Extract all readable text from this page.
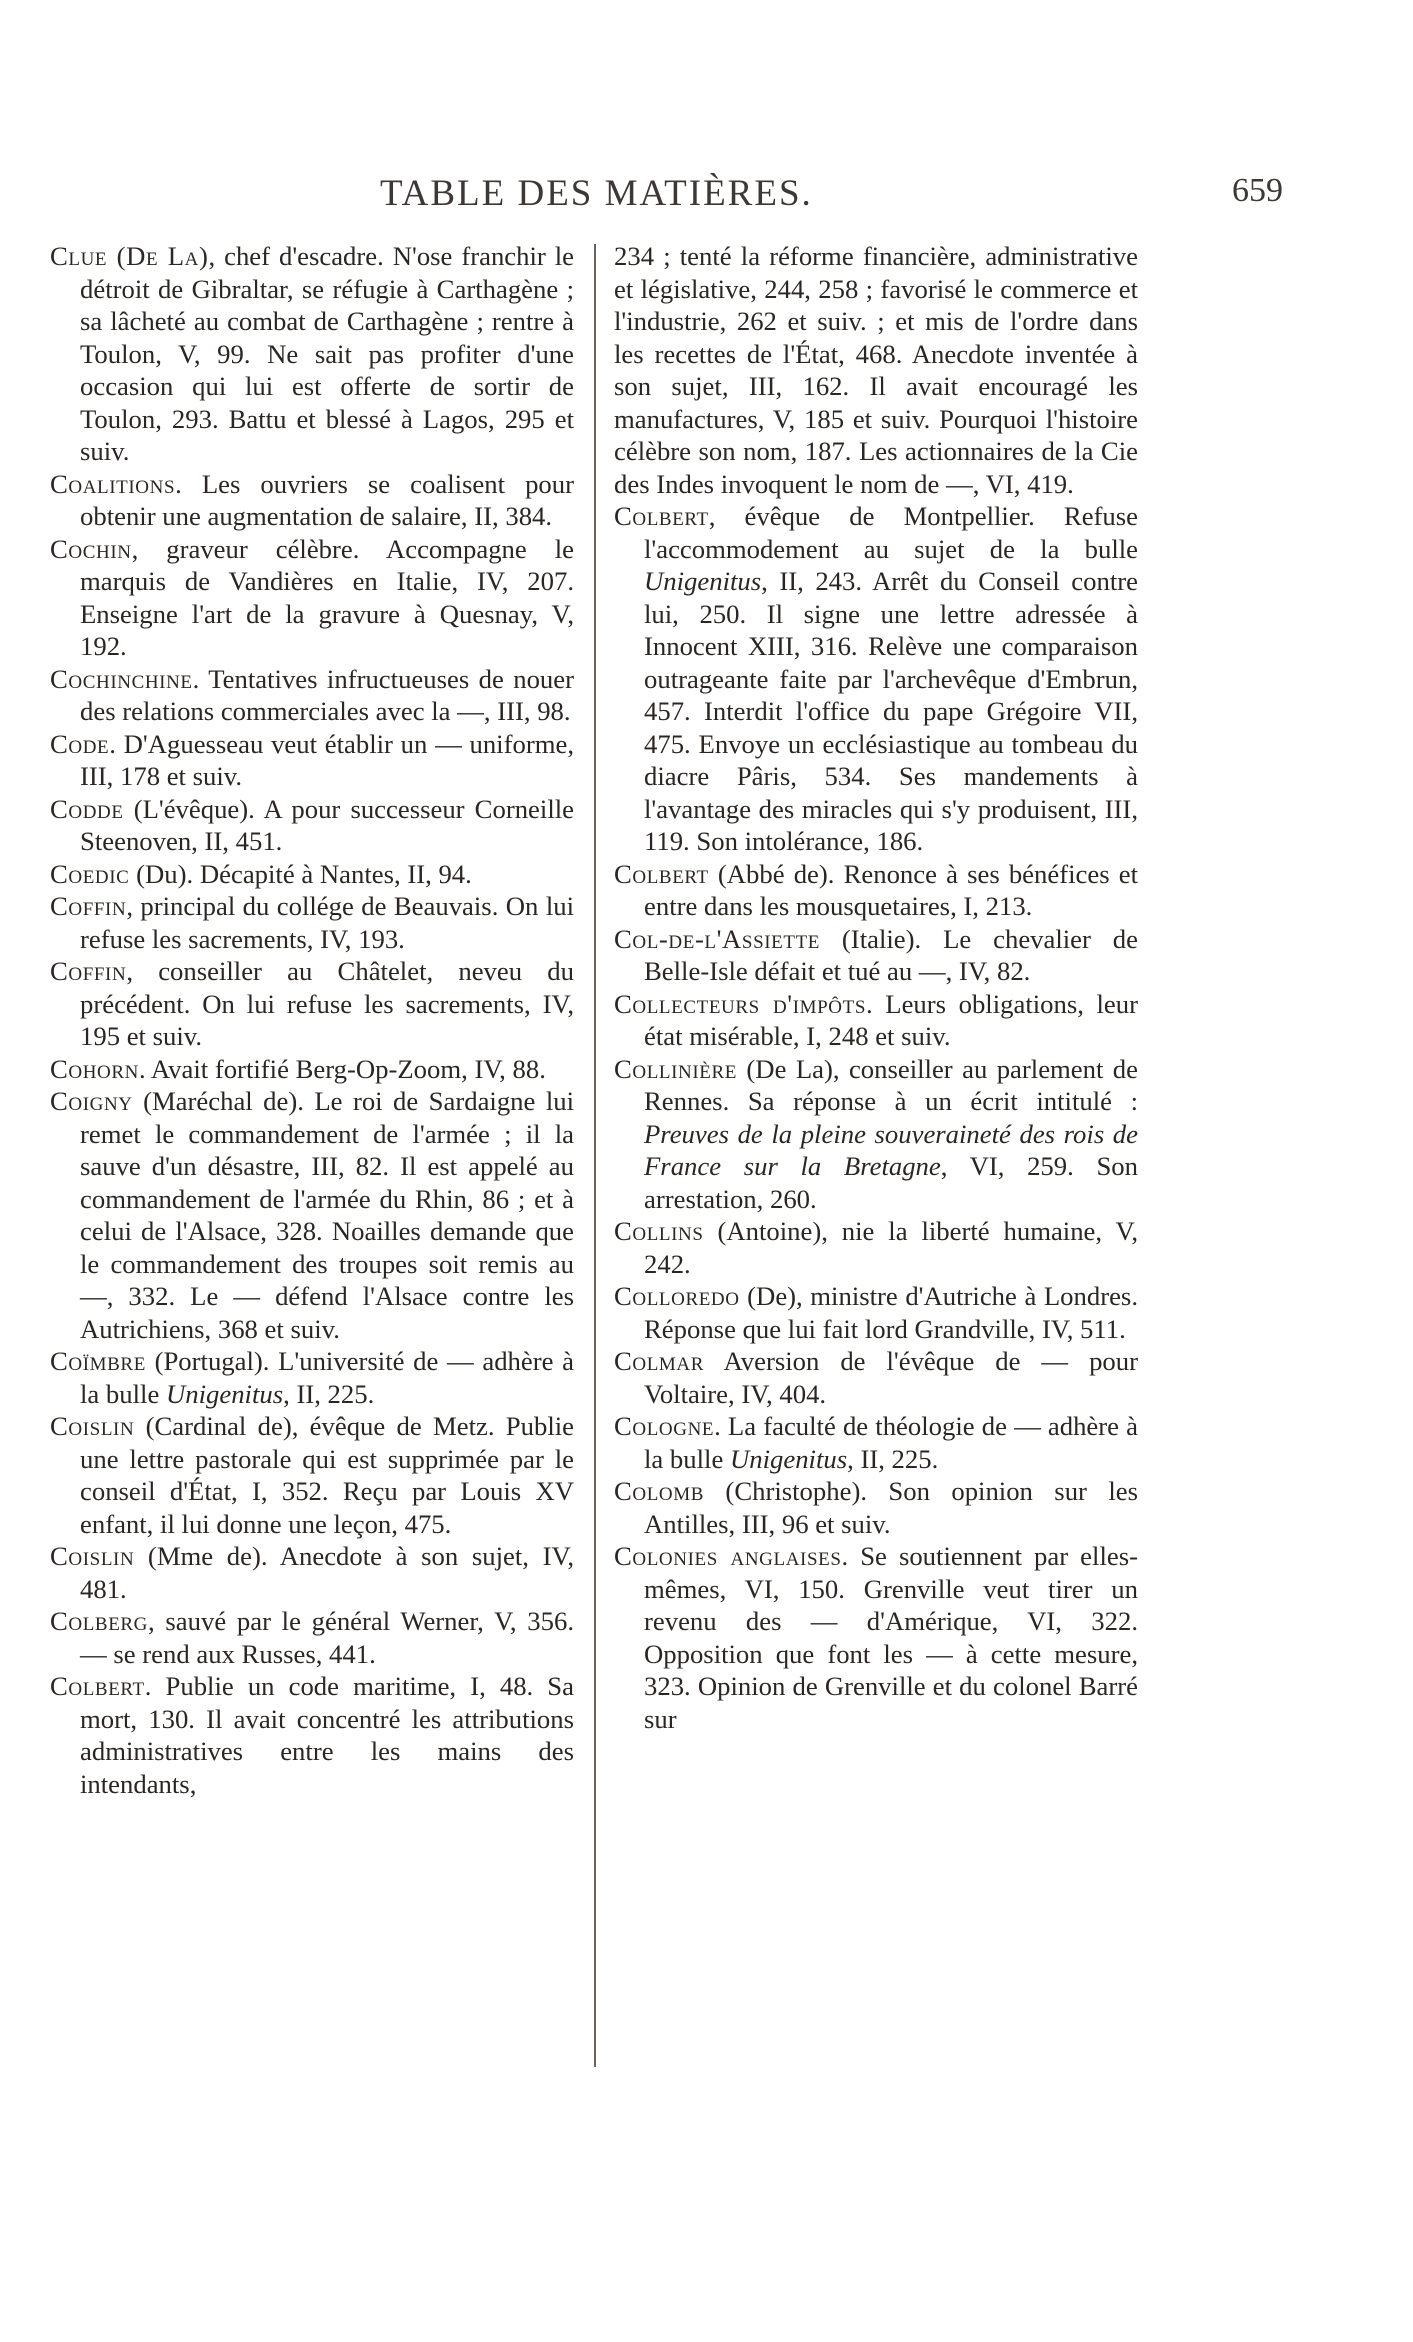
TABLE DES MATIÈRES.	659

Clue (De La), chef d'escadre. N'ose franchir le détroit de Gibraltar, se réfugie à Carthagène ; sa lâcheté au combat de Carthagène ; rentre à Toulon, V, 99. Ne sait pas profiter d'une occasion qui lui est offerte de sortir de Toulon, 293. Battu et blessé à Lagos, 295 et suiv.

Coalitions. Les ouvriers se coalisent pour obtenir une augmentation de salaire, II, 384.

Cochin, graveur célèbre. Accompagne le marquis de Vandières en Italie, IV, 207. Enseigne l'art de la gravure à Quesnay, V, 192.

Cochinchine. Tentatives infructueuses de nouer des relations commerciales avec la —, III, 98.

Code. D'Aguesseau veut établir un — uniforme, III, 178 et suiv.

Codde (L'évêque). A pour successeur Corneille Steenoven, II, 451.

Coedic (Du). Décapité à Nantes, II, 94.

Coffin, principal du collége de Beauvais. On lui refuse les sacrements, IV, 193.

Coffin, conseiller au Châtelet, neveu du précédent. On lui refuse les sacrements, IV, 195 et suiv.

Cohorn. Avait fortifié Berg-Op-Zoom, IV, 88.

Coigny (Maréchal de). Le roi de Sardaigne lui remet le commandement de l'armée ; il la sauve d'un désastre, III, 82. Il est appelé au commandement de l'armée du Rhin, 86 ; et à celui de l'Alsace, 328. Noailles demande que le commandement des troupes soit remis au —, 332. Le — défend l'Alsace contre les Autrichiens, 368 et suiv.

Coïmbre (Portugal). L'université de — adhère à la bulle Unigenitus, II, 225.

Coislin (Cardinal de), évêque de Metz. Publie une lettre pastorale qui est supprimée par le conseil d'État, I, 352. Reçu par Louis XV enfant, il lui donne une leçon, 475.

Coislin (Mme de). Anecdote à son sujet, IV, 481.

Colberg, sauvé par le général Werner, V, 356. — se rend aux Russes, 441.

Colbert. Publie un code maritime, I, 48. Sa mort, 130. Il avait concentré les attributions administratives entre les mains des intendants,

234 ; tenté la réforme financière, administrative et législative, 244, 258 ; favorisé le commerce et l'industrie, 262 et suiv. ; et mis de l'ordre dans les recettes de l'État, 468. Anecdote inventée à son sujet, III, 162. Il avait encouragé les manufactures, V, 185 et suiv. Pourquoi l'histoire célèbre son nom, 187. Les actionnaires de la Cie des Indes invoquent le nom de —, VI, 419.

Colbert, évêque de Montpellier. Refuse l'accommodement au sujet de la bulle Unigenitus, II, 243. Arrêt du Conseil contre lui, 250. Il signe une lettre adressée à Innocent XIII, 316. Relève une comparaison outrageante faite par l'archevêque d'Embrun, 457. Interdit l'office du pape Grégoire VII, 475. Envoye un ecclésiastique au tombeau du diacre Pâris, 534. Ses mandements à l'avantage des miracles qui s'y produisent, III, 119. Son intolérance, 186.

Colbert (Abbé de). Renonce à ses bénéfices et entre dans les mousquetaires, I, 213.

Col-de-l'Assiette (Italie). Le chevalier de Belle-Isle défait et tué au —, IV, 82.

Collecteurs d'impôts. Leurs obligations, leur état misérable, I, 248 et suiv.

Collinière (De La), conseiller au parlement de Rennes. Sa réponse à un écrit intitulé : Preuves de la pleine souveraineté des rois de France sur la Bretagne, VI, 259. Son arrestation, 260.

Collins (Antoine), nie la liberté humaine, V, 242.

Colloredo (De), ministre d'Autriche à Londres. Réponse que lui fait lord Grandville, IV, 511.

Colmar Aversion de l'évêque de — pour Voltaire, IV, 404.

Cologne. La faculté de théologie de — adhère à la bulle Unigenitus, II, 225.

Colomb (Christophe). Son opinion sur les Antilles, III, 96 et suiv.

Colonies anglaises. Se soutiennent par elles-mêmes, VI, 150. Grenville veut tirer un revenu des — d'Amérique, VI, 322. Opposition que font les — à cette mesure, 323. Opinion de Grenville et du colonel Barré sur
